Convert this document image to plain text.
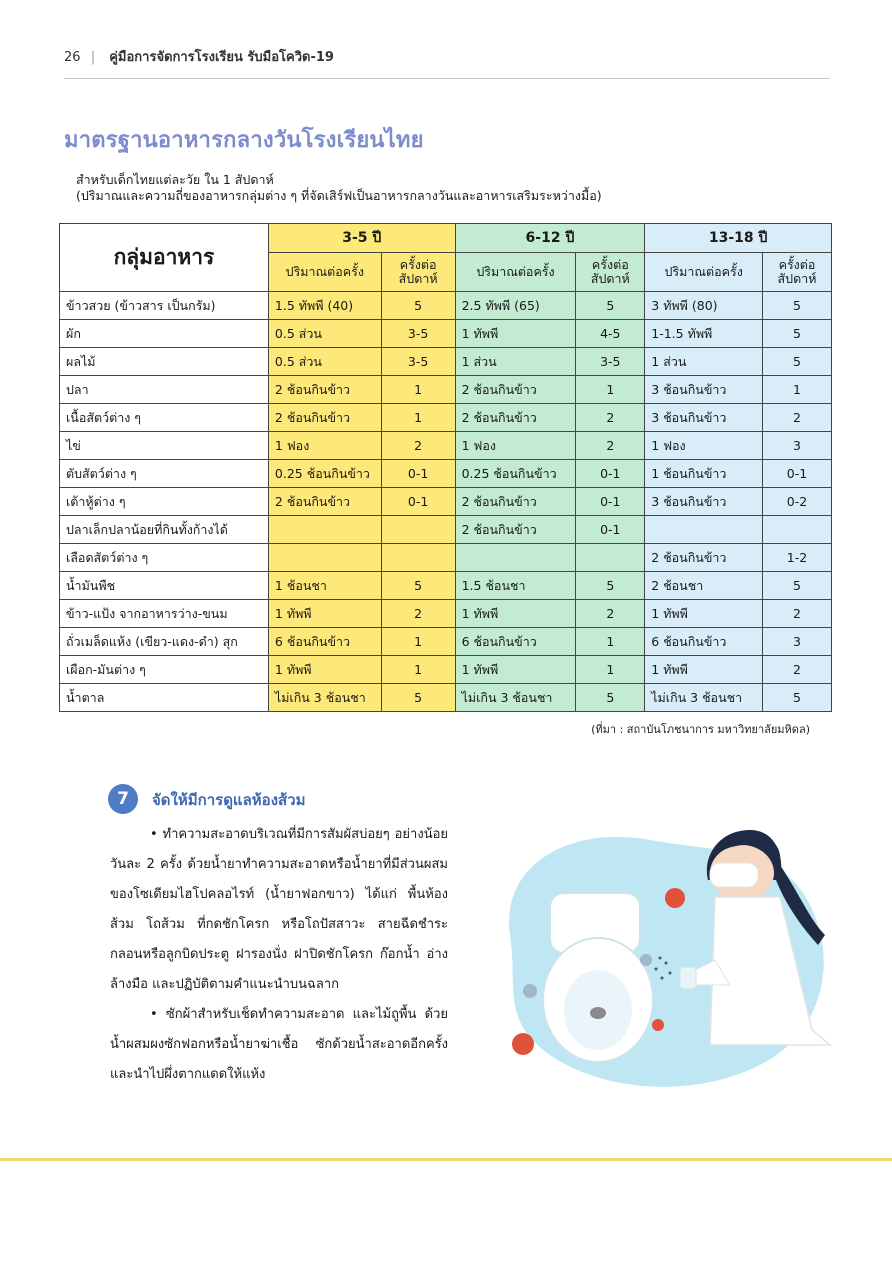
26 | คู่มือการจัดการโรงเรียน รับมือโควิด-19
มาตรฐานอาหารกลางวันโรงเรียนไทย
สำหรับเด็กไทยแต่ละวัย ใน 1 สัปดาห์
(ปริมาณและความถี่ของอาหารกลุ่มต่าง ๆ ที่จัดเสิร์ฟเป็นอาหารกลางวันและอาหารเสริมระหว่างมื้อ)
กลุ่มอาหาร	3-5 ปี		6-12 ปี		13-18 ปี	
	ปริมาณต่อครั้ง	ครั้งต่อ สัปดาห์	ปริมาณต่อครั้ง	ครั้งต่อ สัปดาห์	ปริมาณต่อครั้ง	ครั้งต่อ สัปดาห์
ข้าวสวย (ข้าวสาร เป็นกรัม)	1.5 ทัพพี (40)	5	2.5 ทัพพี (65)	5	3 ทัพพี (80)	5
ผัก	0.5 ส่วน	3-5	1 ทัพพี	4-5	1-1.5 ทัพพี	5
ผลไม้	0.5 ส่วน	3-5	1 ส่วน	3-5	1 ส่วน	5
ปลา	2 ช้อนกินข้าว	1	2 ช้อนกินข้าว	1	3 ช้อนกินข้าว	1
เนื้อสัตว์ต่าง ๆ	2 ช้อนกินข้าว	1	2 ช้อนกินข้าว	2	3 ช้อนกินข้าว	2
ไข่	1 ฟอง	2	1 ฟอง	2	1 ฟอง	3
ตับสัตว์ต่าง ๆ	0.25 ช้อนกินข้าว	0-1	0.25 ช้อนกินข้าว	0-1	1 ช้อนกินข้าว	0-1
เต้าหู้ต่าง ๆ	2 ช้อนกินข้าว	0-1	2 ช้อนกินข้าว	0-1	3 ช้อนกินข้าว	0-2
ปลาเล็กปลาน้อยที่กินทั้งก้างได้			2 ช้อนกินข้าว	0-1		
เลือดสัตว์ต่าง ๆ					2 ช้อนกินข้าว	1-2
น้ำมันพืช	1 ช้อนชา	5	1.5 ช้อนชา	5	2 ช้อนชา	5
ข้าว-แป้ง จากอาหารว่าง-ขนม	1 ทัพพี	2	1 ทัพพี	2	1 ทัพพี	2
ถั่วเมล็ดแห้ง (เขียว-แดง-ดำ) สุก	6 ช้อนกินข้าว	1	6 ช้อนกินข้าว	1	6 ช้อนกินข้าว	3
เผือก-มันต่าง ๆ	1 ทัพพี	1	1 ทัพพี	1	1 ทัพพี	2
น้ำตาล	ไม่เกิน 3 ช้อนชา	5	ไม่เกิน 3 ช้อนชา	5	ไม่เกิน 3 ช้อนชา	5
(ที่มา : สถาบันโภชนาการ มหาวิทยาลัยมหิดล)
7	จัดให้มีการดูแลห้องส้วม

• ทำความสะอาดบริเวณที่มีการสัมผัสบ่อยๆ อย่างน้อยวันละ 2 ครั้ง ด้วยน้ำยาทำความสะอาดหรือน้ำยาที่มีส่วนผสมของโซเดียมไฮโปคลอไรท์ (น้ำยาฟอกขาว) ได้แก่ พื้นห้องส้วม โถส้วม ที่กดชักโครก หรือโถปัสสาวะ สายฉีดชำระ กลอนหรือลูกบิดประตู ฝารองนั่ง ฝาปิดชักโครก ก๊อกน้ำ อ่างล้างมือ และปฏิบัติตามคำแนะนำบนฉลาก

• ซักผ้าสำหรับเช็ดทำความสะอาด และไม้ถูพื้น ด้วยน้ำผสมผงซักฟอกหรือน้ำยาฆ่าเชื้อ ซักด้วยน้ำสะอาดอีกครั้ง และนำไปผึ่งตากแดดให้แห้ง
